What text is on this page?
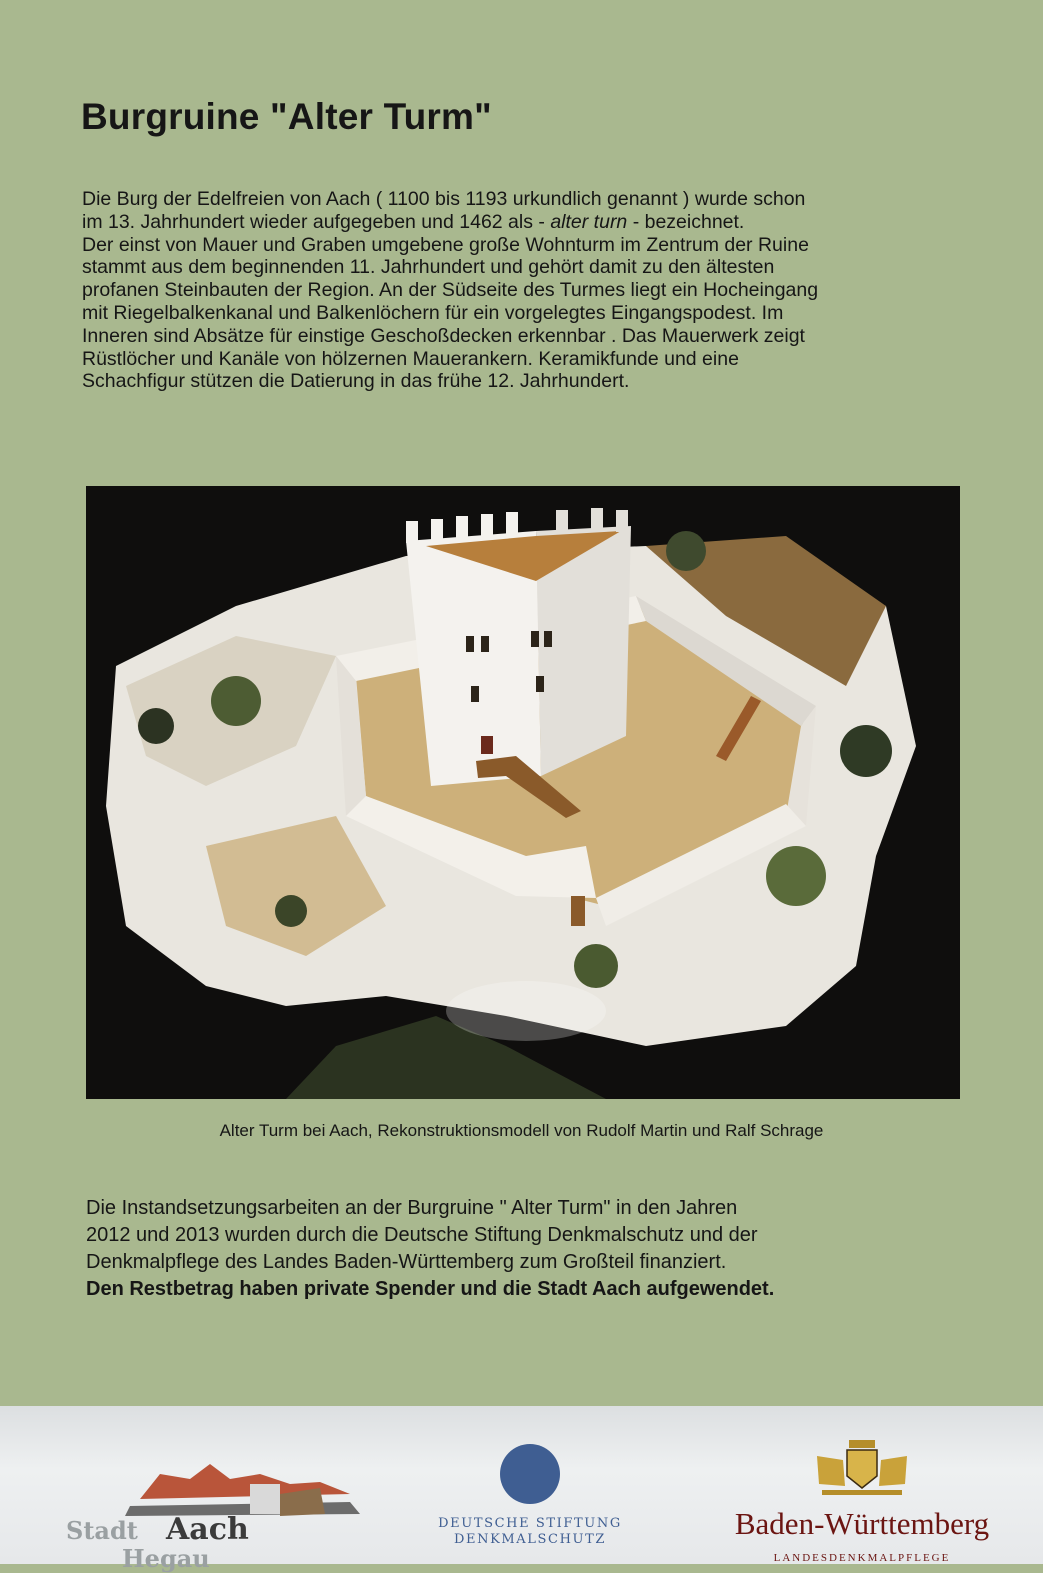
Burgruine "Alter Turm"
Die Burg der Edelfreien von Aach ( 1100 bis 1193 urkundlich genannt ) wurde schon
im 13. Jahrhundert wieder aufgegeben und 1462 als - alter turn - bezeichnet.
Der einst von Mauer und Graben umgebene große Wohnturm im Zentrum der Ruine
stammt aus dem beginnenden 11. Jahrhundert und gehört damit zu den ältesten
profanen Steinbauten der Region. An der Südseite des Turmes liegt ein Hocheingang
mit Riegelbalkenkanal und Balkenlöchern für ein vorgelegtes Eingangspodest. Im
Inneren sind Absätze für einstige Geschoßdecken erkennbar . Das Mauerwerk zeigt
Rüstlöcher und Kanäle von hölzernen Mauerankern. Keramikfunde und eine
Schachfigur stützen die Datierung in das frühe 12. Jahrhundert.
Alter Turm bei Aach, Rekonstruktionsmodell von Rudolf Martin und Ralf Schrage
Die Instandsetzungsarbeiten an der Burgruine " Alter Turm" in den Jahren
2012 und 2013 wurden durch die Deutsche Stiftung Denkmalschutz und der
Denkmalpflege des Landes Baden-Württemberg zum Großteil finanziert.
Den Restbetrag haben private Spender und die Stadt Aach aufgewendet.
Stadt Aach
Hegau
DEUTSCHE STIFTUNG
DENKMALSCHUTZ	Baden-Württemberg
LANDESDENKMALPFLEGE
